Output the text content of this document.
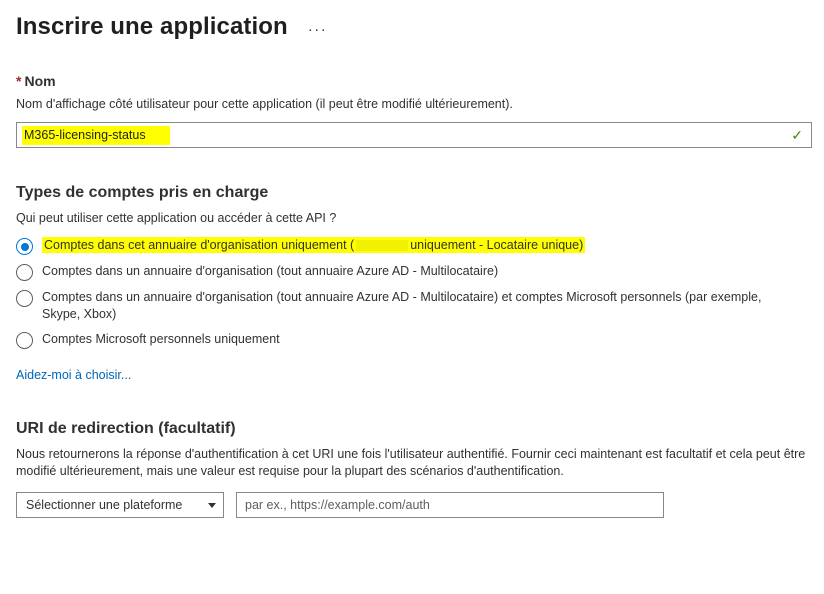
Inscrire une application ···
* Nom

Nom d'affichage côté utilisateur pour cette application (il peut être modifié ultérieurement).

M365-licensing-status
✓
Types de comptes pris en charge

Qui peut utiliser cette application ou accéder à cette API ?

Comptes dans cet annuaire d'organisation uniquement (	uniquement - Locataire unique)
Comptes dans un annuaire d'organisation (tout annuaire Azure AD - Multilocataire)
Comptes dans un annuaire d'organisation (tout annuaire Azure AD - Multilocataire) et comptes Microsoft personnels (par exemple, Skype, Xbox)
Comptes Microsoft personnels uniquement
Aidez-moi à choisir...
URI de redirection (facultatif)

Nous retournerons la réponse d'authentification à cet URI une fois l'utilisateur authentifié. Fournir ceci maintenant est facultatif et cela peut être modifié ultérieurement, mais une valeur est requise pour la plupart des scénarios d'authentification.

Sélectionner une plateforme
par ex., https://example.com/auth
